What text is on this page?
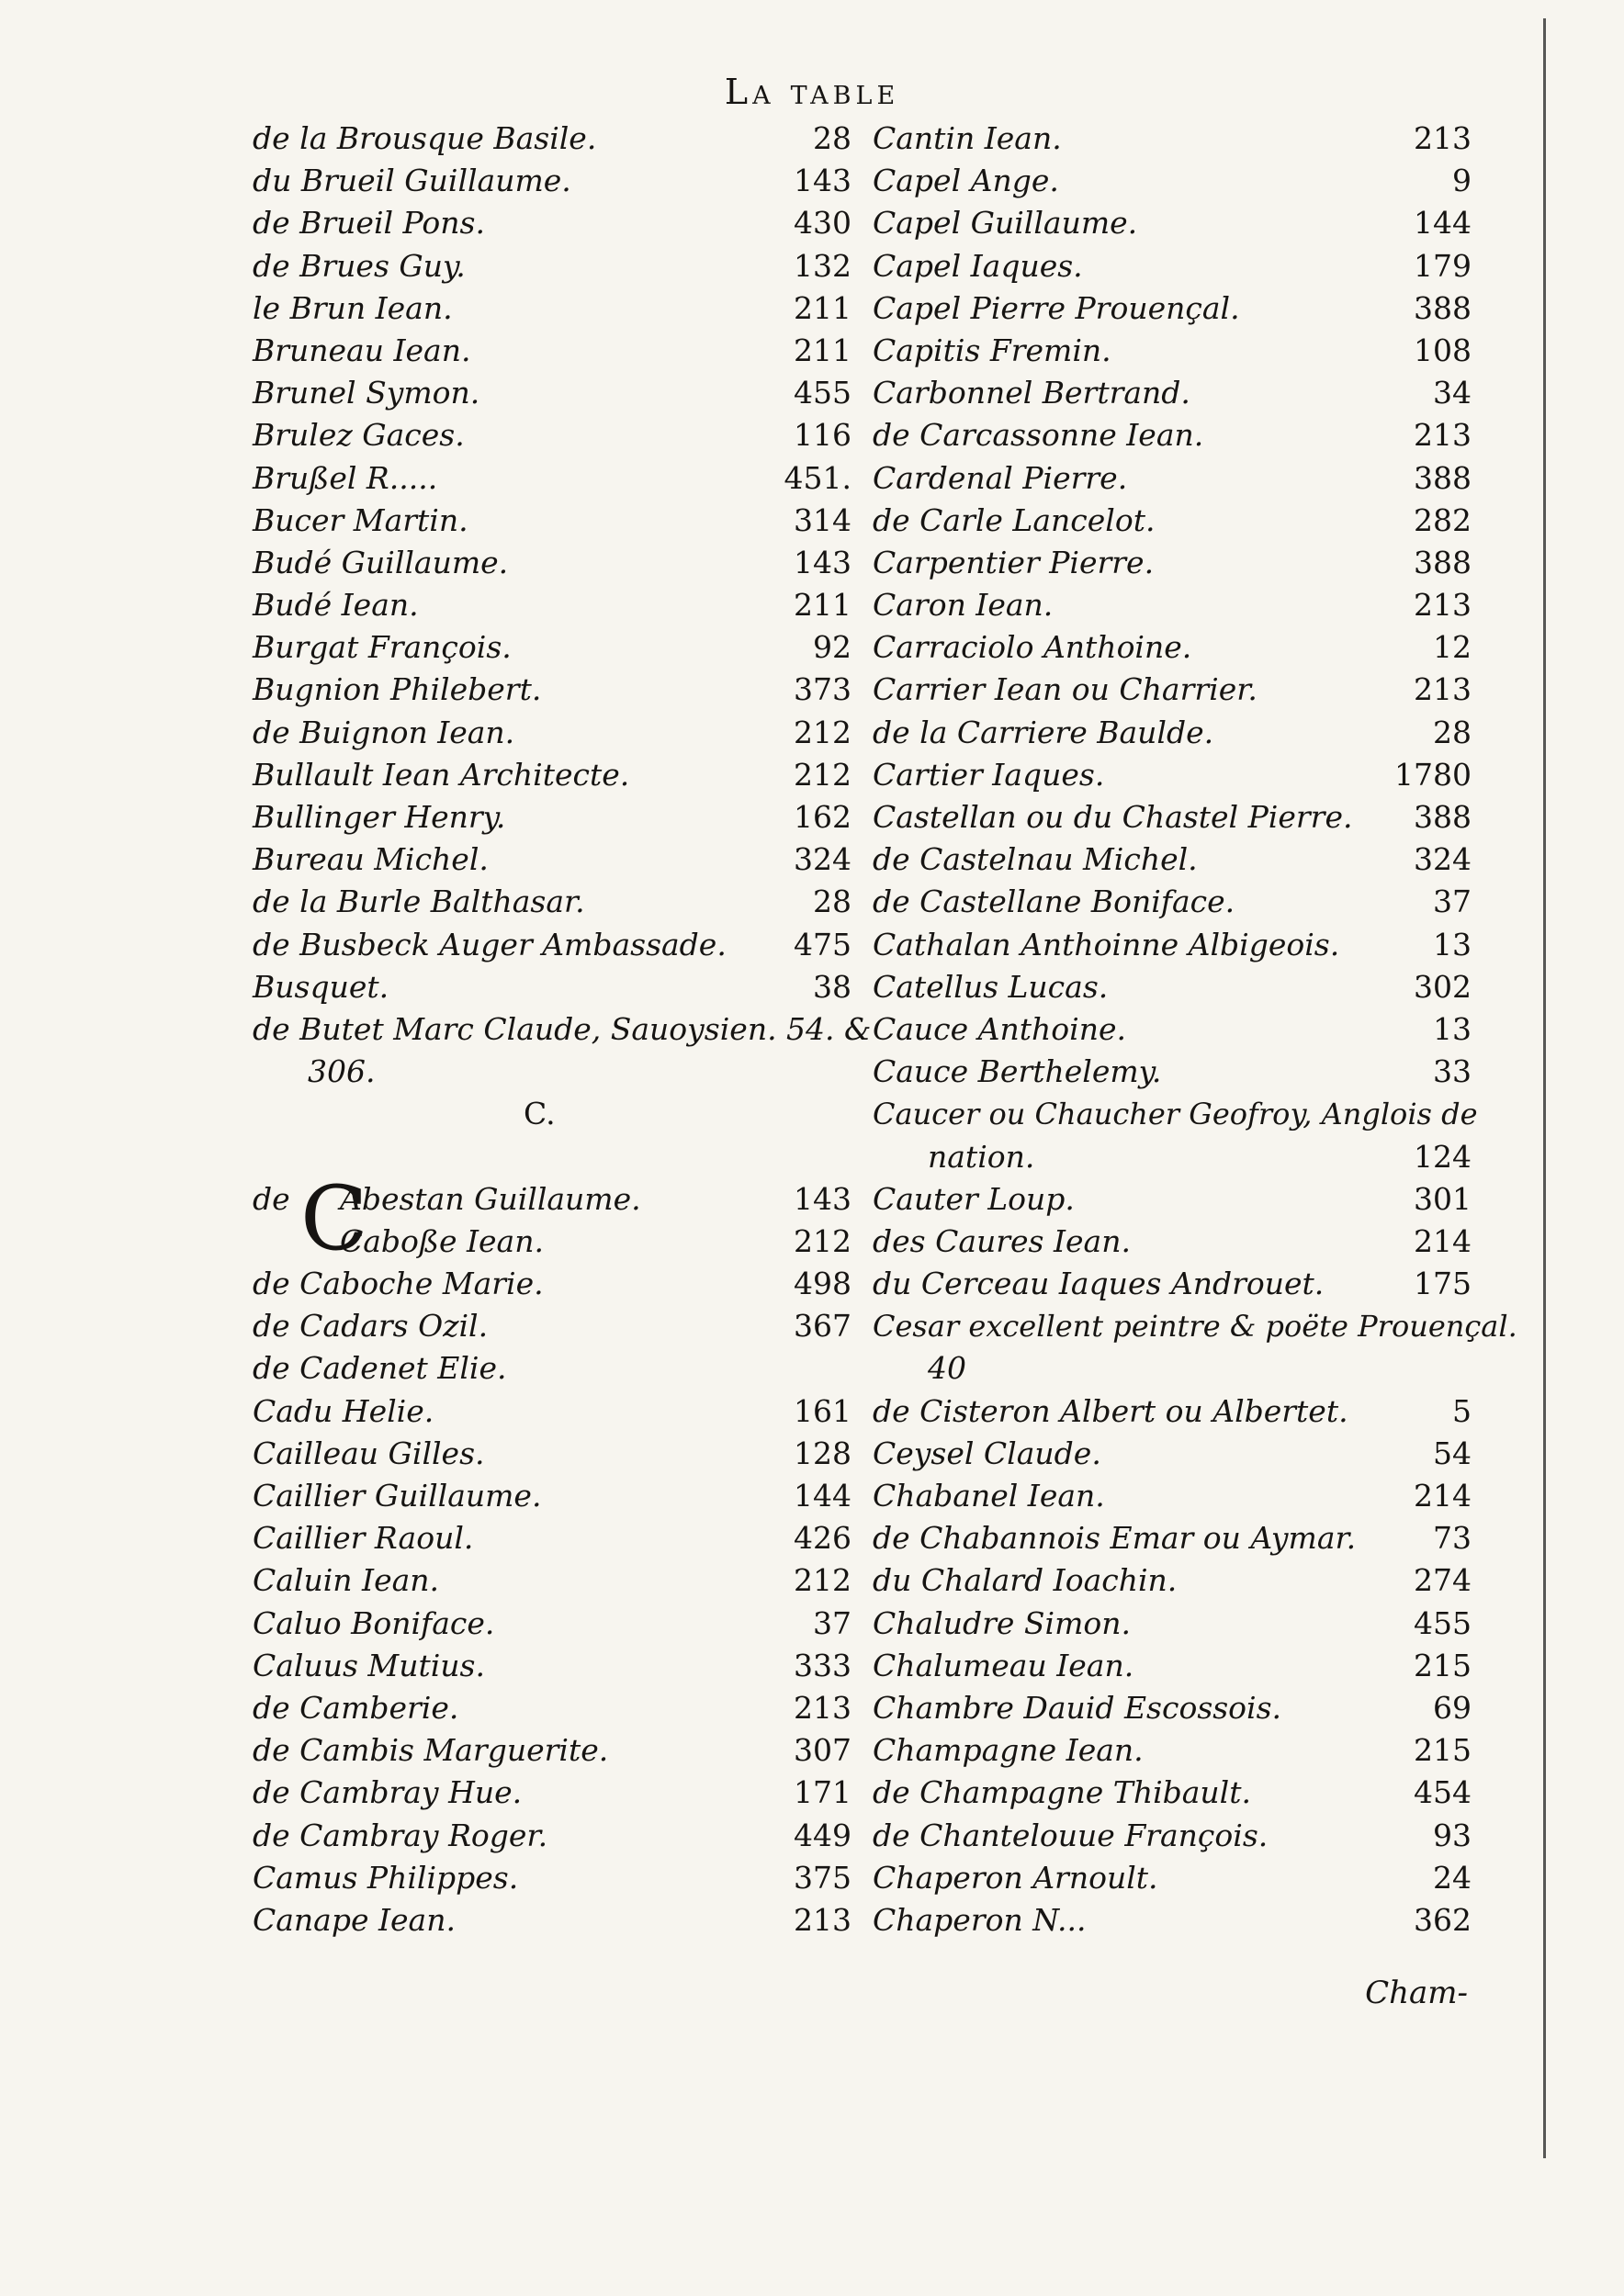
La table
de la Brousque Basile.	28
du Brueil Guillaume.	143
de Brueil Pons.	430
de Brues Guy.	132
le Brun Iean.	211
Bruneau Iean.	211
Brunel Symon.	455
Brulez Gaces.	116
Brußel R.....	451.
Bucer Martin.	314
Budé Guillaume.	143
Budé Iean.	211
Burgat François.	92
Bugnion Philebert.	373
de Buignon Iean.	212
Bullault Iean Architecte.	212
Bullinger Henry.	162
Bureau Michel.	324
de la Burle Balthasar.	28
de Busbeck Auger Ambassade. 475
Busquet.	38
de Butet Marc Claude, Sauoysien. 54. &
306.
C.
de C
Abestan Guillaume.	143
Caboße Iean.	212
de Caboche Marie.	498
de Cadars Ozil.	367
de Cadenet Elie.
Cadu Helie.	161
Cailleau Gilles.	128
Caillier Guillaume.	144
Caillier Raoul.	426
Caluin Iean.	212
Caluo Boniface.	37
Caluus Mutius.	333
de Camberie.	213
de Cambis Marguerite.	307
de Cambray Hue.	171
de Cambray Roger.	449
Camus Philippes.	375
Canape Iean.	213
Cantin Iean.	213
Capel Ange.	9
Capel Guillaume.	144
Capel Iaques.	179
Capel Pierre Prouençal.	388
Capitis Fremin.	108
Carbonnel Bertrand.	34
de Carcassonne Iean.	213
Cardenal Pierre.	388
de Carle Lancelot.	282
Carpentier Pierre.	388
Caron Iean.	213
Carraciolo Anthoine.	12
Carrier Iean ou Charrier.	213
de la Carriere Baulde.	28
Cartier Iaques.	1780
Castellan ou du Chastel Pierre. 388
de Castelnau Michel.	324
de Castellane Boniface.	37
Cathalan Anthoinne Albigeois.	13
Catellus Lucas.	302
Cauce Anthoine.	13
Cauce Berthelemy.	33
Caucer ou Chaucher Geofroy, Anglois de
nation.	124
Cauter Loup.	301
des Caures Iean.	214
du Cerceau Iaques Androuet.	175
Cesar excellent peintre & poëte Prouençal.
40
de Cisteron Albert ou Albertet.	5
Ceysel Claude.	54
Chabanel Iean.	214
de Chabannois Emar ou Aymar.	73
du Chalard Ioachin.	274
Chaludre Simon.	455
Chalumeau Iean.	215
Chambre Dauid Escossois.	69
Champagne Iean.	215
de Champagne Thibault.	454
de Chantelouue François.	93
Chaperon Arnoult.	24
Chaperon N...	362
Cham-
